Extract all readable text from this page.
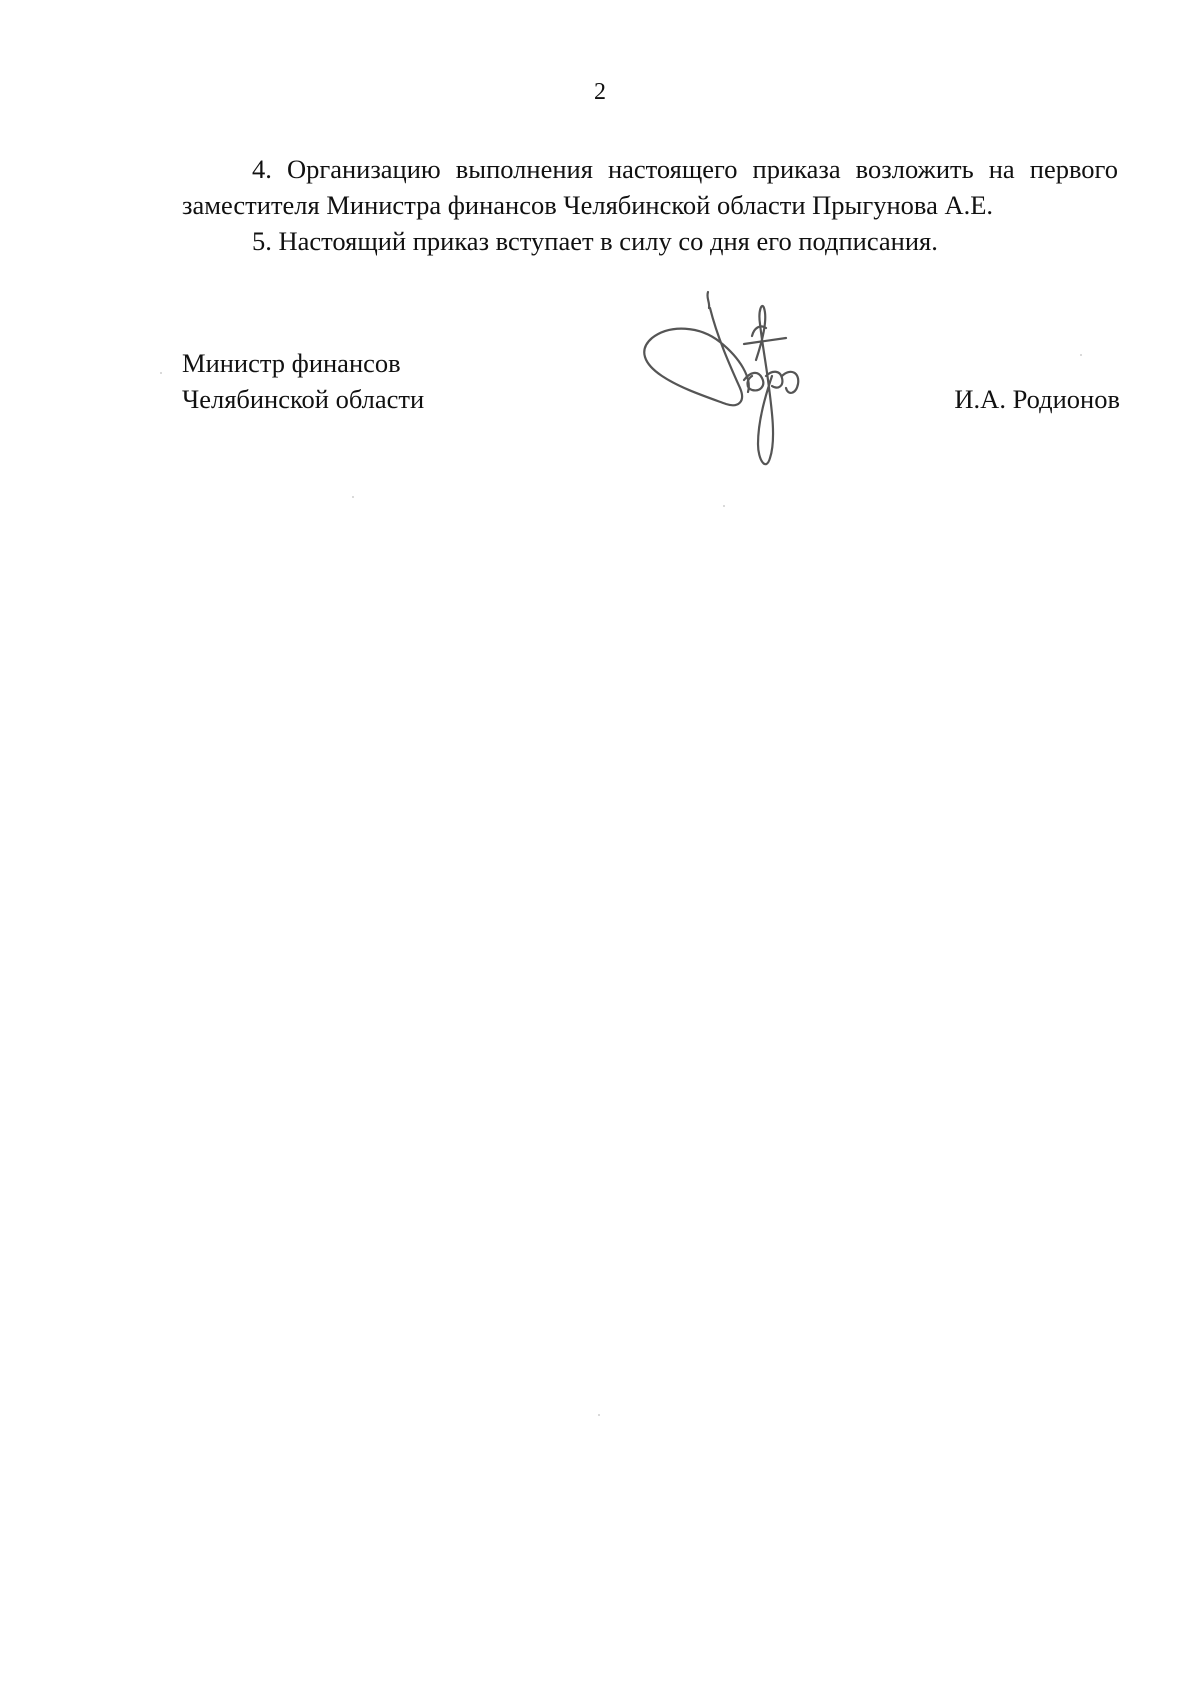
2

4. Организацию выполнения настоящего приказа возложить на первого заместителя Министра финансов Челябинской области Прыгунова А.Е.

5. Настоящий приказ вступает в силу со дня его подписания.

Министр финансов
Челябинской области	И.А. Родионов
